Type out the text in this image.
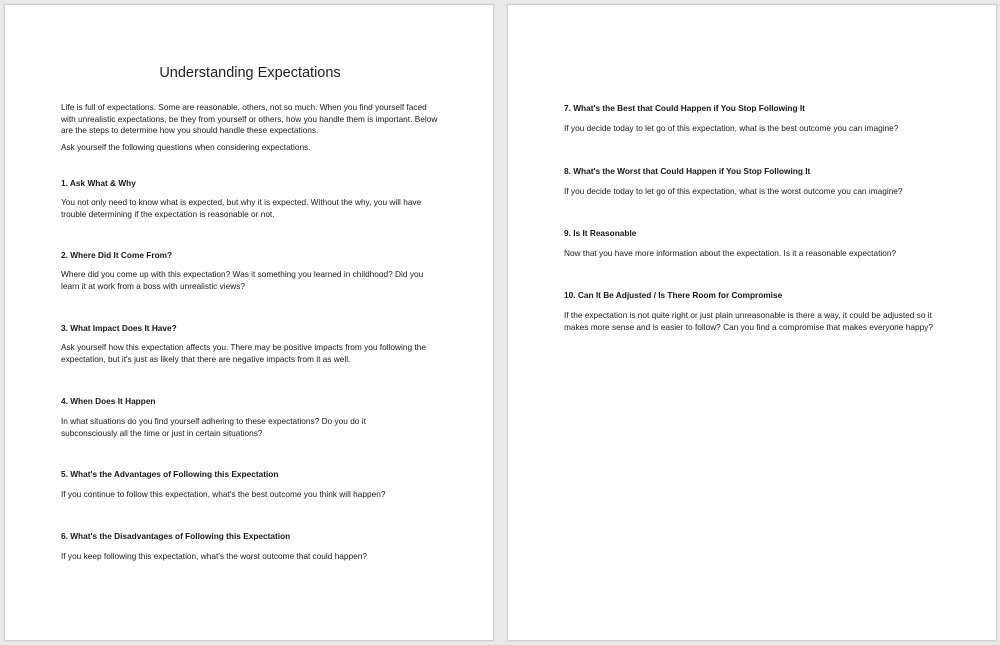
Understanding Expectations
Life is full of expectations. Some are reasonable, others, not so much. When you find yourself faced with unrealistic expectations, be they from yourself or others, how you handle them is important. Below are the steps to determine how you should handle these expectations.
Ask yourself the following questions when considering expectations.
1. Ask What & Why
You not only need to know what is expected, but why it is expected. Without the why, you will have trouble determining if the expectation is reasonable or not.
2. Where Did It Come From?
Where did you come up with this expectation? Was it something you learned in childhood? Did you learn it at work from a boss with unrealistic views?
3. What Impact Does It Have?
Ask yourself how this expectation affects you. There may be positive impacts from you following the expectation, but it's just as likely that there are negative impacts from it as well.
4. When Does It Happen
In what situations do you find yourself adhering to these expectations? Do you do it subconsciously all the time or just in certain situations?
5. What's the Advantages of Following this Expectation
If you continue to follow this expectation, what's the best outcome you think will happen?
6. What's the Disadvantages of Following this Expectation
If you keep following this expectation, what's the worst outcome that could happen?
7. What's the Best that Could Happen if You Stop Following It
If you decide today to let go of this expectation, what is the best outcome you can imagine?
8. What's the Worst that Could Happen if You Stop Following It
If you decide today to let go of this expectation, what is the worst outcome you can imagine?
9. Is It Reasonable
Now that you have more information about the expectation. Is it a reasonable expectation?
10. Can It Be Adjusted / Is There Room for Compromise
If the expectation is not quite right or just plain unreasonable is there a way, it could be adjusted so it makes more sense and is easier to follow? Can you find a compromise that makes everyone happy?
